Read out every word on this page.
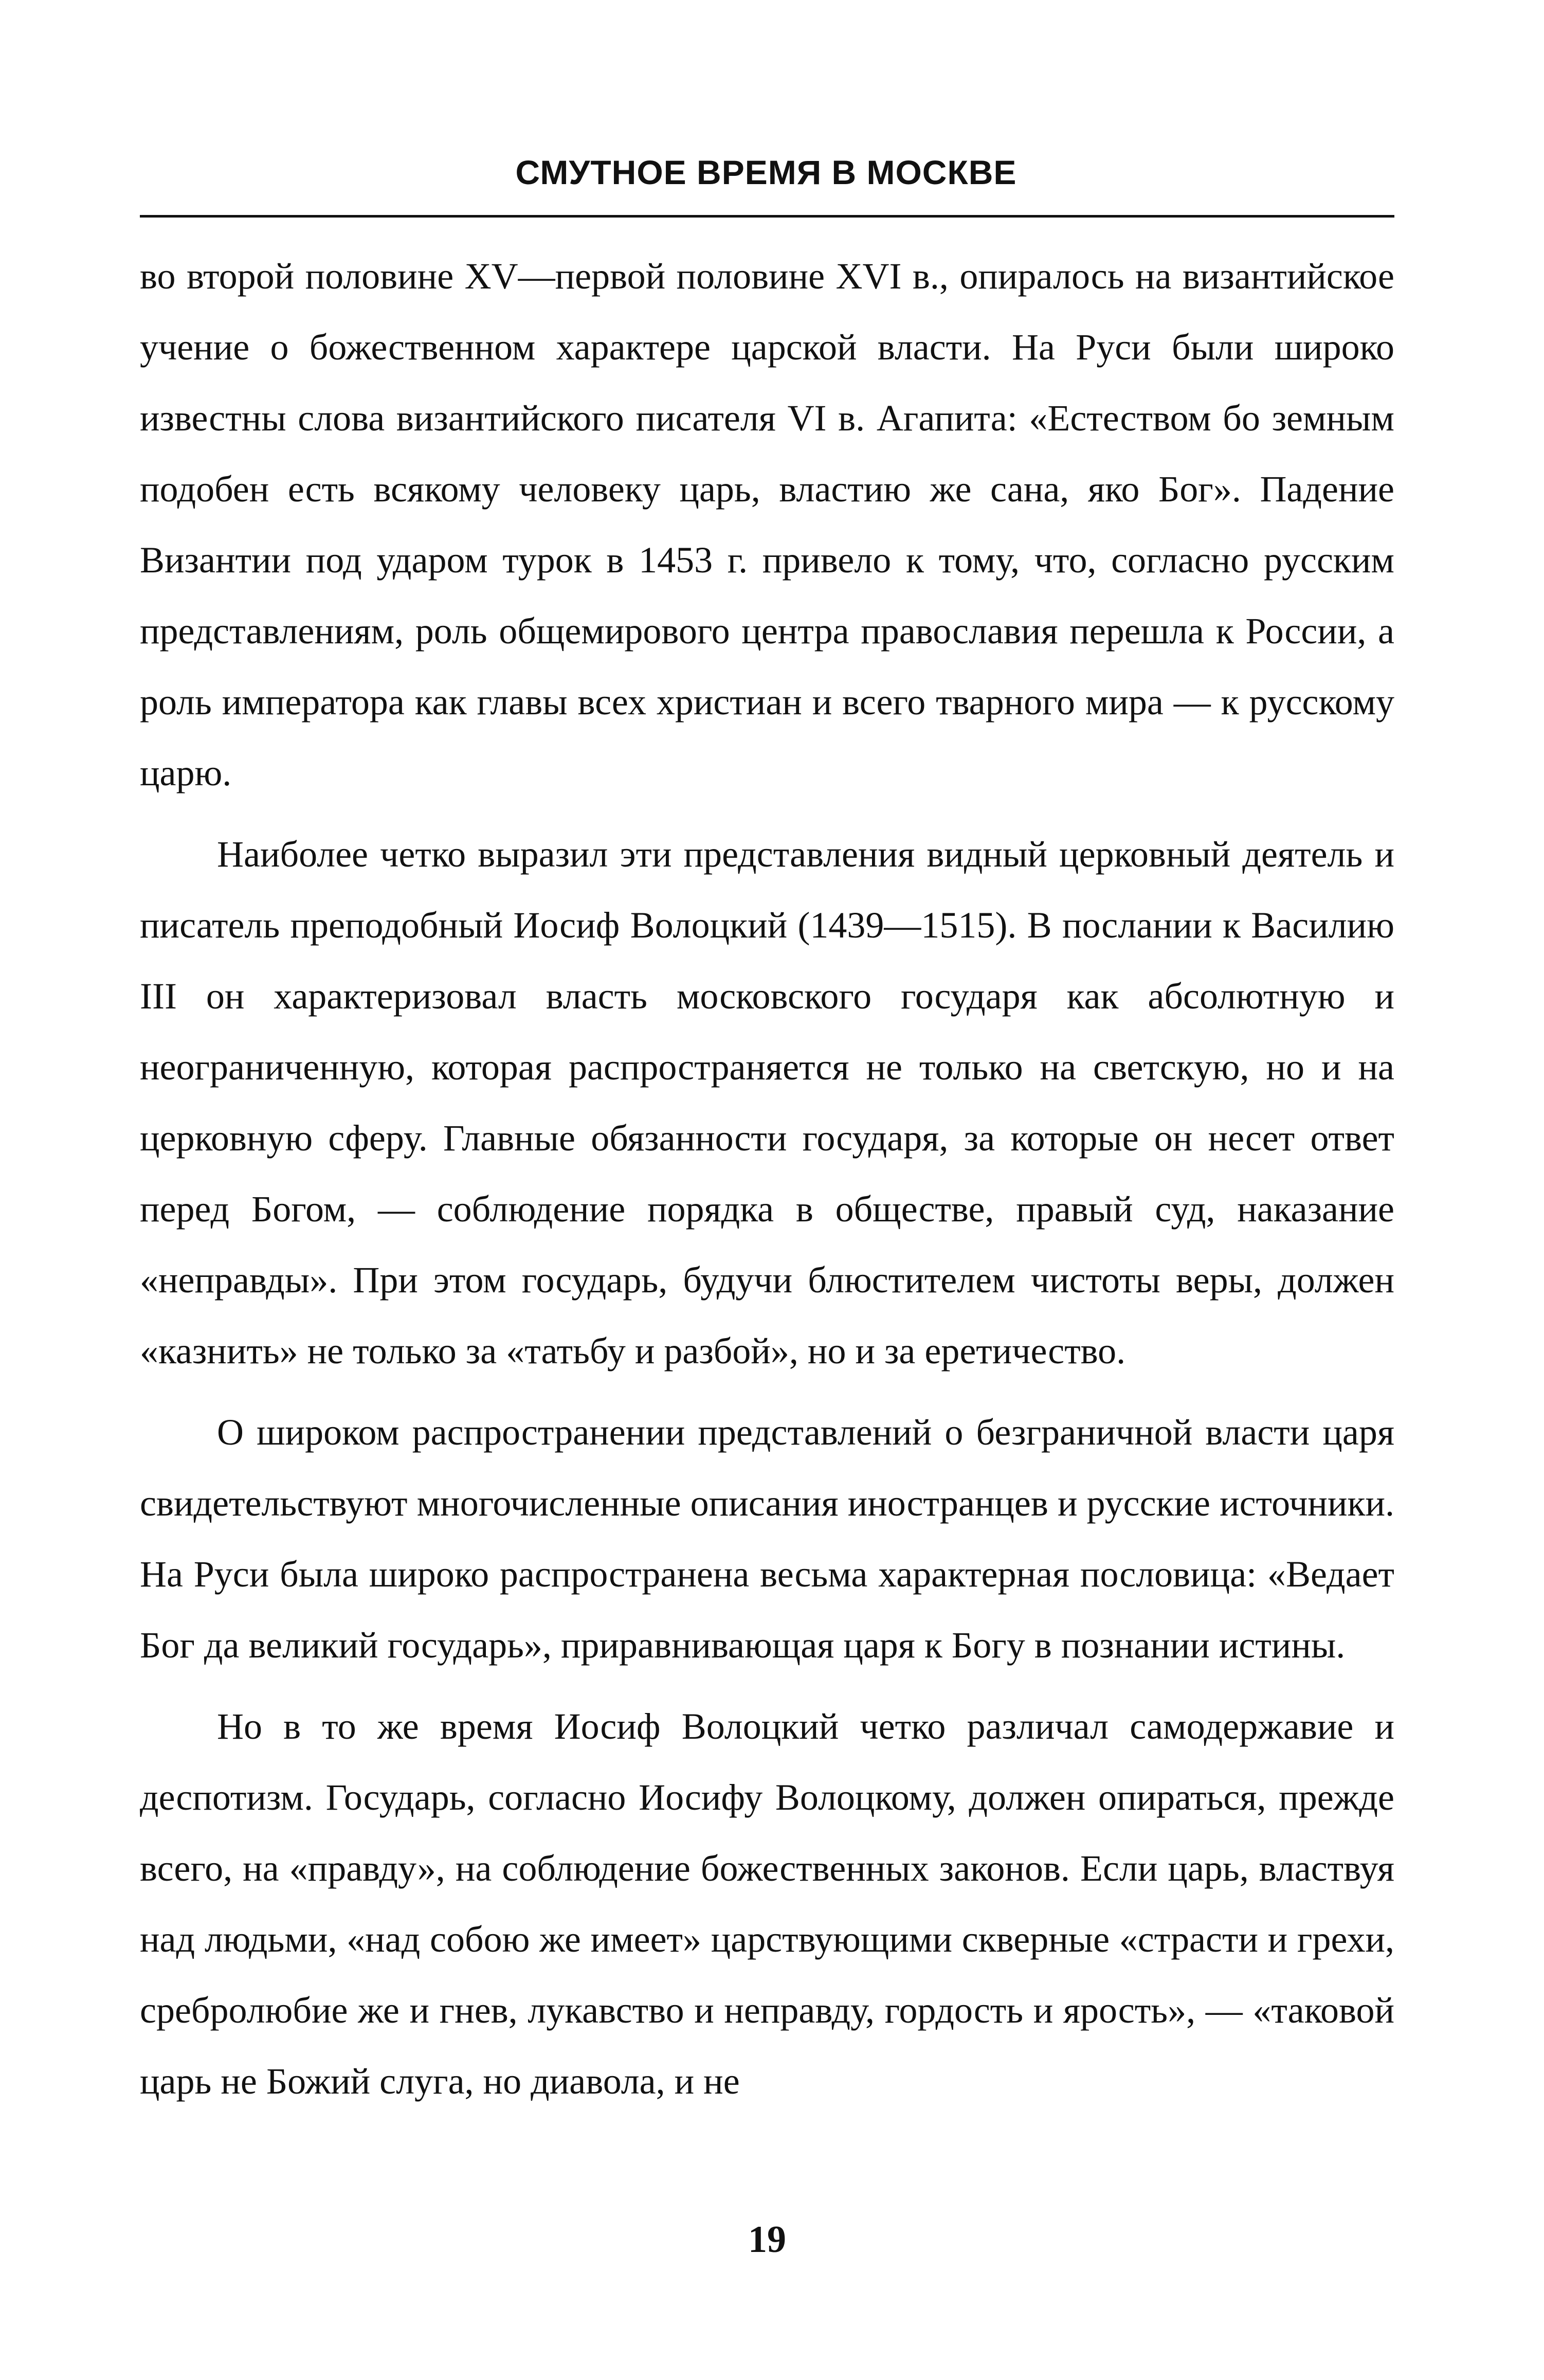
СМУТНОЕ ВРЕМЯ В МОСКВЕ

во второй половине XV—первой половине XVI в., опиралось на византийское учение о божественном характере царской власти. На Руси были широко известны слова византийского писателя VI в. Агапита: «Естеством бо земным подобен есть всякому человеку царь, властию же сана, яко Бог». Падение Византии под ударом турок в 1453 г. привело к тому, что, согласно русским представлениям, роль общемирового центра православия перешла к России, а роль императора как главы всех христиан и всего тварного мира — к русскому царю.

Наиболее четко выразил эти представления видный церковный деятель и писатель преподобный Иосиф Волоцкий (1439—1515). В послании к Василию III он характеризовал власть московского государя как абсолютную и неограниченную, которая распространяется не только на светскую, но и на церковную сферу. Главные обязанности государя, за которые он несет ответ перед Богом, — соблюдение порядка в обществе, правый суд, наказание «неправды». При этом государь, будучи блюстителем чистоты веры, должен «казнить» не только за «татьбу и разбой», но и за еретичество.

О широком распространении представлений о безграничной власти царя свидетельствуют многочисленные описания иностранцев и русские источники. На Руси была широко распространена весьма характерная пословица: «Ведает Бог да великий государь», приравнивающая царя к Богу в познании истины.

Но в то же время Иосиф Волоцкий четко различал самодержавие и деспотизм. Государь, согласно Иосифу Волоцкому, должен опираться, прежде всего, на «правду», на соблюдение божественных законов. Если царь, властвуя над людьми, «над собою же имеет» царствующими скверные «страсти и грехи, сребролюбие же и гнев, лукавство и неправду, гордость и ярость», — «таковой царь не Божий слуга, но диавола, и не

19
